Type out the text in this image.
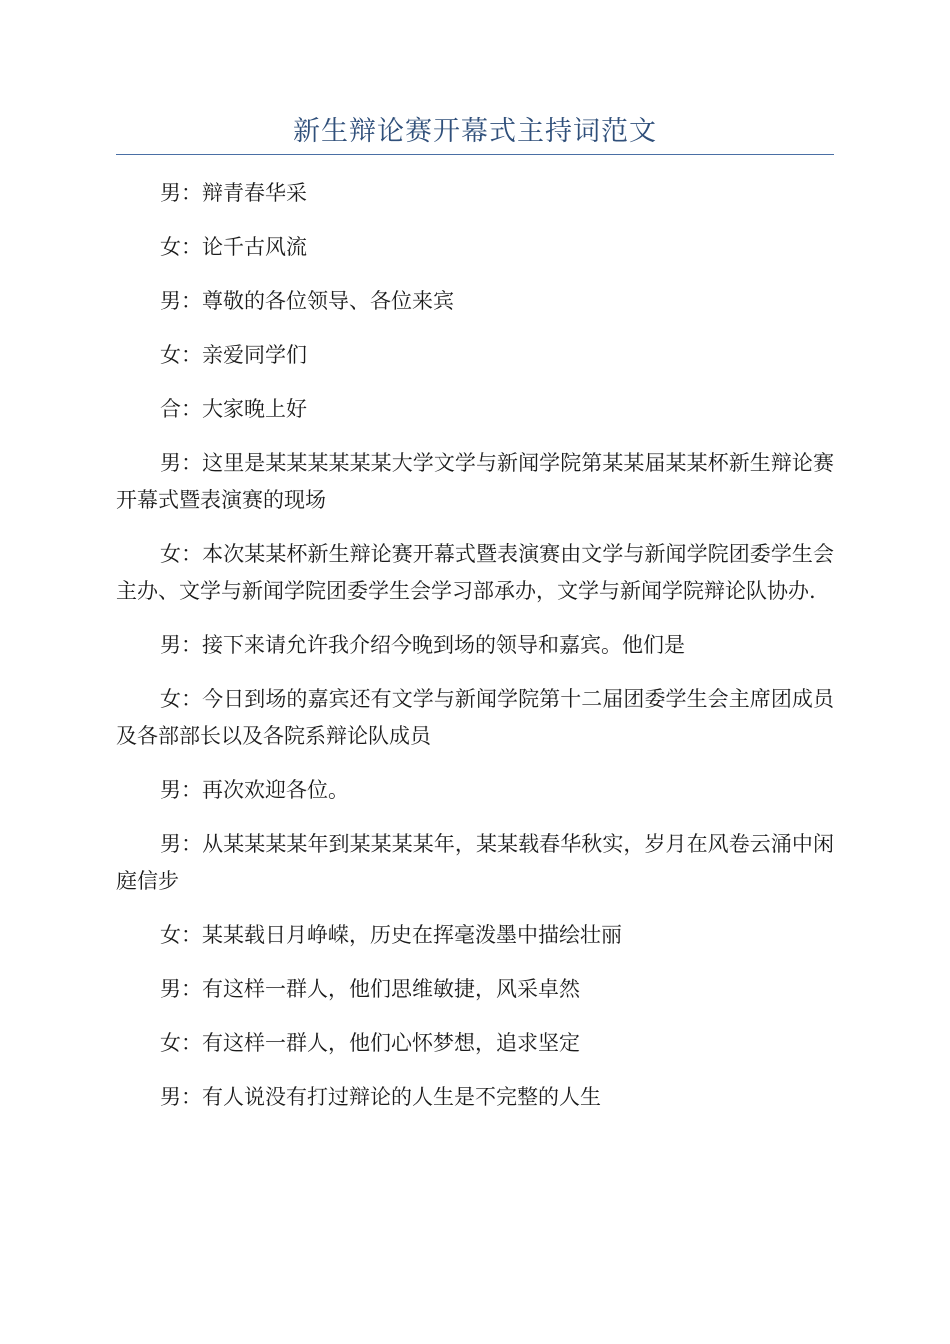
新生辩论赛开幕式主持词范文

男：辩青春华采

女：论千古风流

男：尊敬的各位领导、各位来宾

女：亲爱同学们

合：大家晚上好

男：这里是某某某某某某大学文学与新闻学院第某某届某某杯新生辩论赛开幕式暨表演赛的现场

女：本次某某杯新生辩论赛开幕式暨表演赛由文学与新闻学院团委学生会主办、文学与新闻学院团委学生会学习部承办，文学与新闻学院辩论队协办.

男：接下来请允许我介绍今晚到场的领导和嘉宾。他们是

女：今日到场的嘉宾还有文学与新闻学院第十二届团委学生会主席团成员及各部部长以及各院系辩论队成员

男：再次欢迎各位。

男：从某某某某年到某某某某年，某某载春华秋实，岁月在风卷云涌中闲庭信步

女：某某载日月峥嵘，历史在挥毫泼墨中描绘壮丽

男：有这样一群人，他们思维敏捷，风采卓然

女：有这样一群人，他们心怀梦想，追求坚定

男：有人说没有打过辩论的人生是不完整的人生
